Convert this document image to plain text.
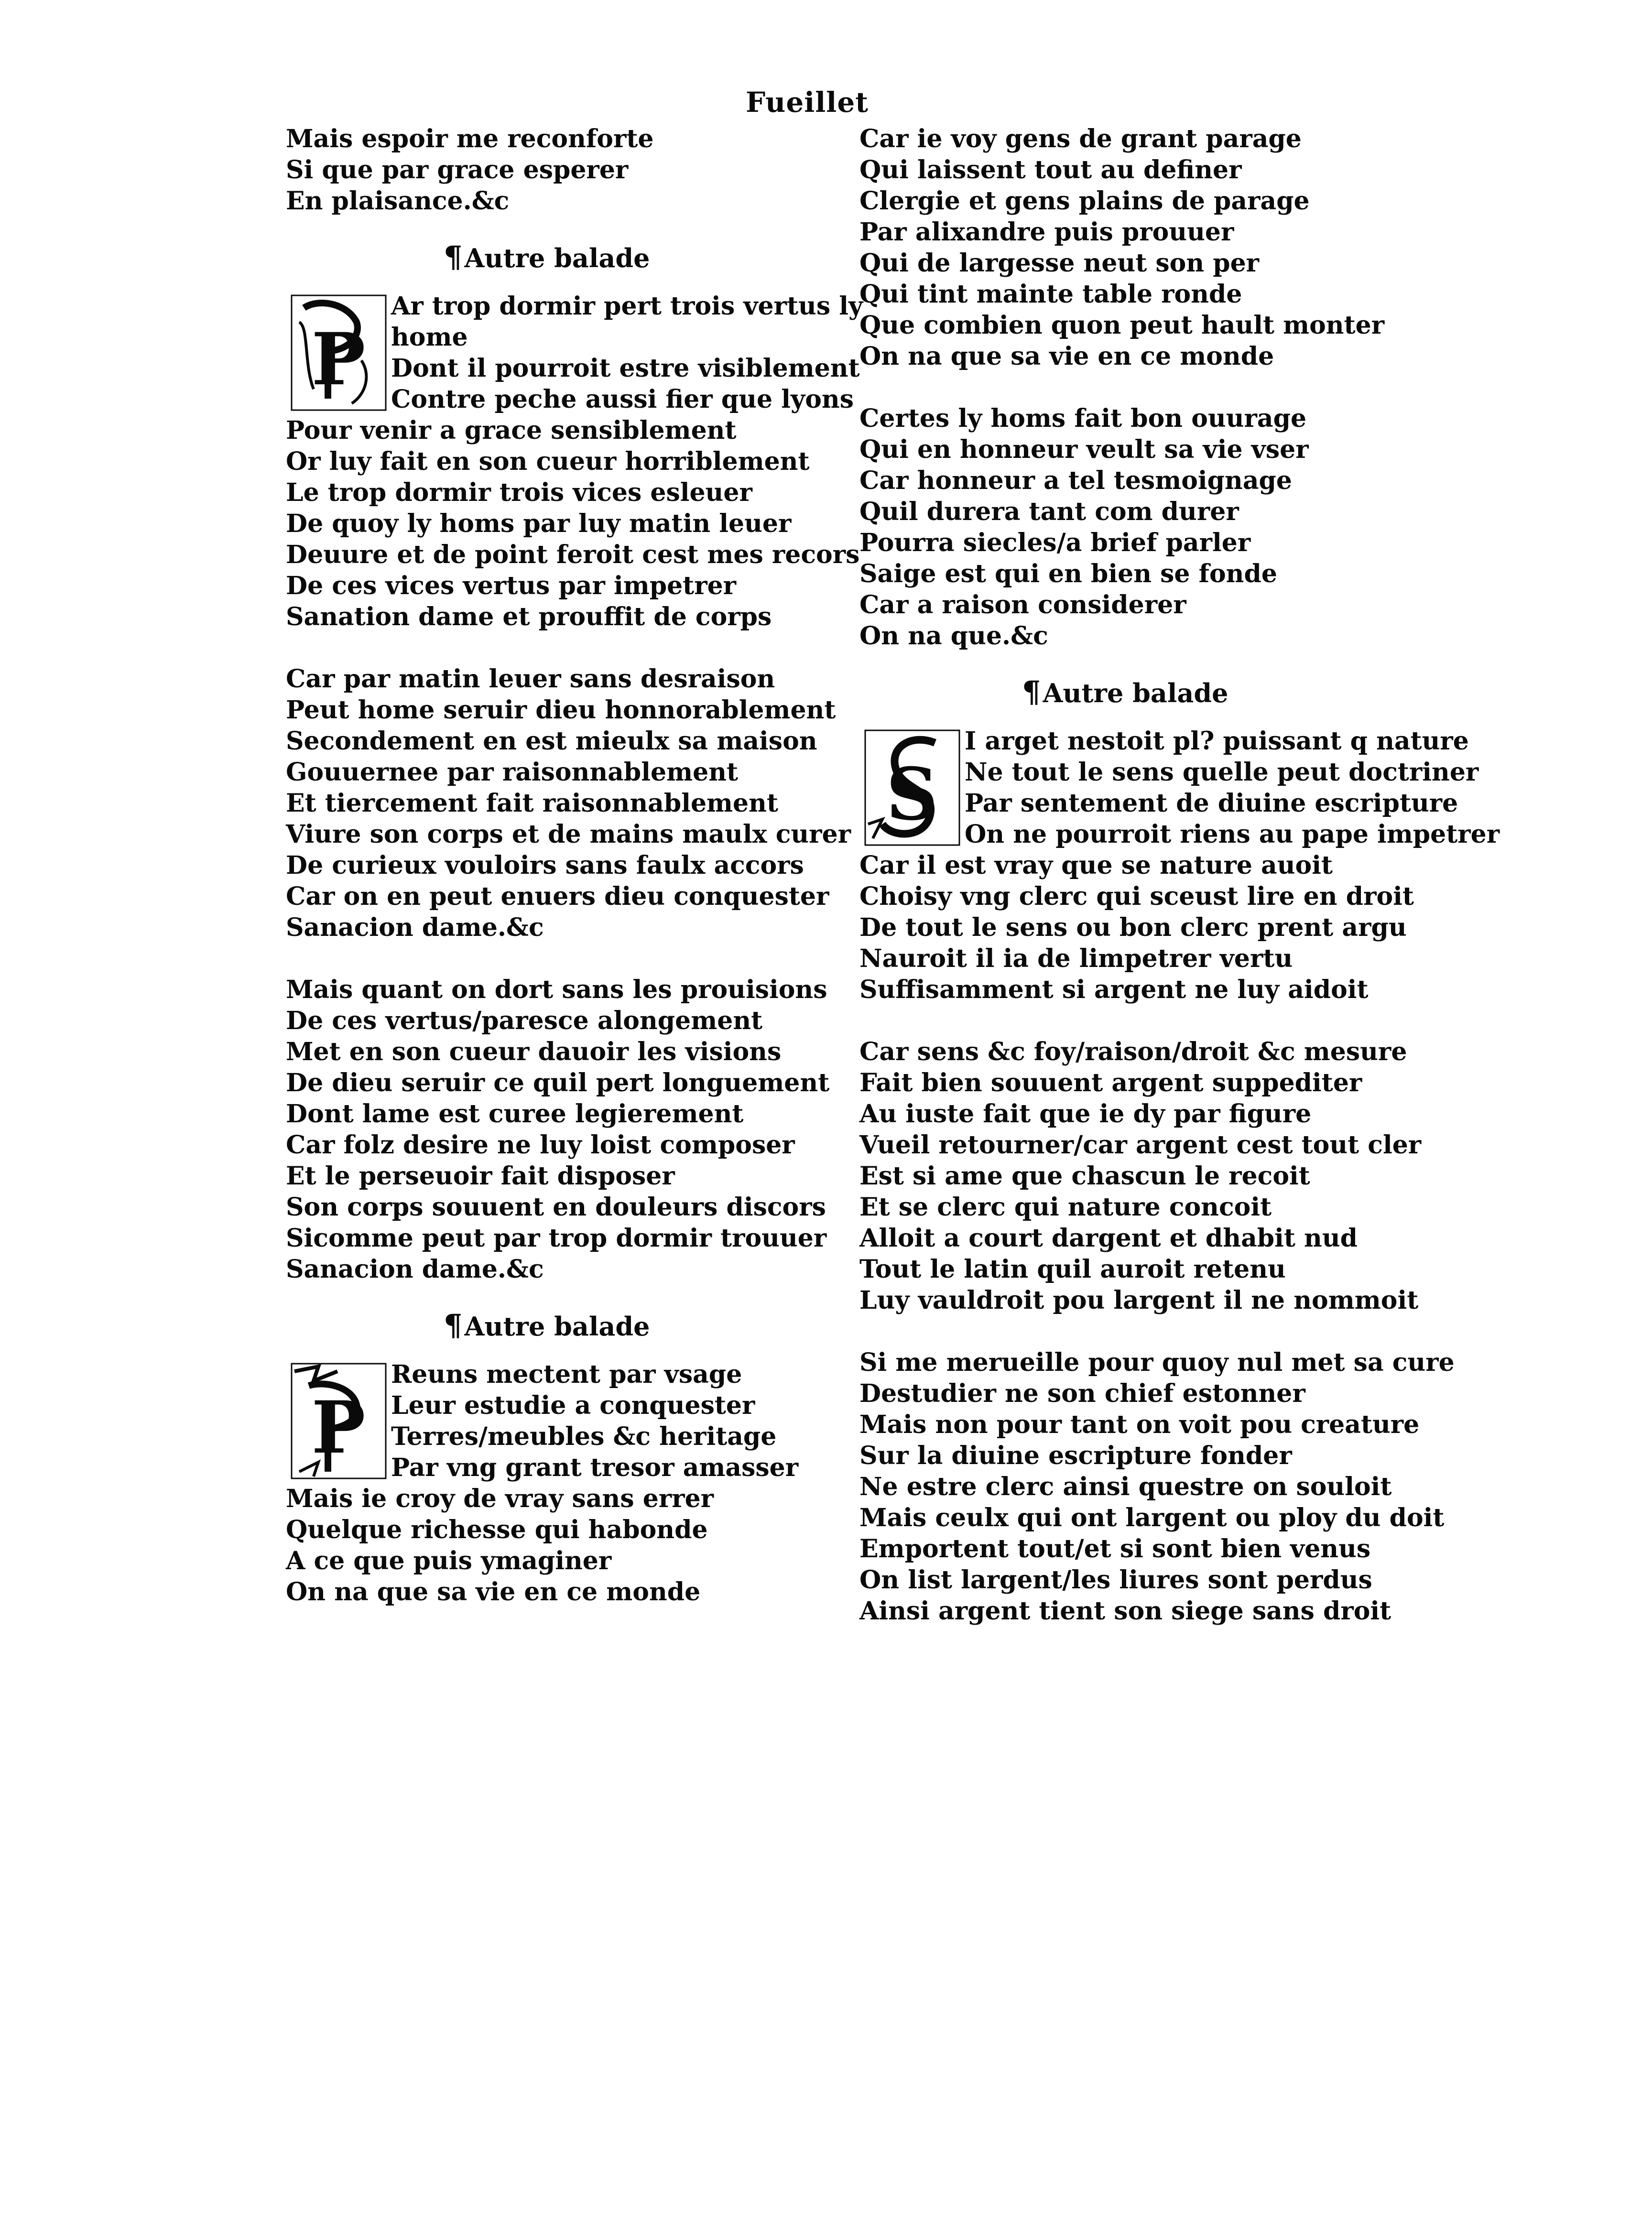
Fueillet
Mais espoir me reconforte
Si que par grace esperer
En plaisance.&c
¶Autre balade
P
Ar trop dormir pert trois vertus ly
home
Dont il pourroit estre visiblement
Contre peche aussi fier que lyons
Pour venir a grace sensiblement
Or luy fait en son cueur horriblement
Le trop dormir trois vices esleuer
De quoy ly homs par luy matin leuer
Deuure et de point feroit cest mes recors
De ces vices vertus par impetrer
Sanation dame et prouffit de corps
Car par matin leuer sans desraison
Peut home seruir dieu honnorablement
Secondement en est mieulx sa maison
Gouuernee par raisonnablement
Et tiercement fait raisonnablement
Viure son corps et de mains maulx curer
De curieux vouloirs sans faulx accors
Car on en peut enuers dieu conquester
Sanacion dame.&c
Mais quant on dort sans les prouisions
De ces vertus/paresce alongement
Met en son cueur dauoir les visions
De dieu seruir ce quil pert longuement
Dont lame est curee legierement
Car folz desire ne luy loist composer
Et le perseuoir fait disposer
Son corps souuent en douleurs discors
Sicomme peut par trop dormir trouuer
Sanacion dame.&c
¶Autre balade
P
Reuns mectent par vsage
Leur estudie a conquester
Terres/meubles &c heritage
Par vng grant tresor amasser
Mais ie croy de vray sans errer
Quelque richesse qui habonde
A ce que puis ymaginer
On na que sa vie en ce monde
Car ie voy gens de grant parage
Qui laissent tout au definer
Clergie et gens plains de parage
Par alixandre puis prouuer
Qui de largesse neut son per
Qui tint mainte table ronde
Que combien quon peut hault monter
On na que sa vie en ce monde
Certes ly homs fait bon ouurage
Qui en honneur veult sa vie vser
Car honneur a tel tesmoignage
Quil durera tant com durer
Pourra siecles/a brief parler
Saige est qui en bien se fonde
Car a raison considerer
On na que.&c
¶Autre balade
S
I arget nestoit pl? puissant q nature
Ne tout le sens quelle peut doctriner
Par sentement de diuine escripture
On ne pourroit riens au pape impetrer
Car il est vray que se nature auoit
Choisy vng clerc qui sceust lire en droit
De tout le sens ou bon clerc prent argu
Nauroit il ia de limpetrer vertu
Suffisamment si argent ne luy aidoit
Car sens &c foy/raison/droit &c mesure
Fait bien souuent argent suppediter
Au iuste fait que ie dy par figure
Vueil retourner/car argent cest tout cler
Est si ame que chascun le recoit
Et se clerc qui nature concoit
Alloit a court dargent et dhabit nud
Tout le latin quil auroit retenu
Luy vauldroit pou largent il ne nommoit
Si me merueille pour quoy nul met sa cure
Destudier ne son chief estonner
Mais non pour tant on voit pou creature
Sur la diuine escripture fonder
Ne estre clerc ainsi questre on souloit
Mais ceulx qui ont largent ou ploy du doit
Emportent tout/et si sont bien venus
On list largent/les liures sont perdus
Ainsi argent tient son siege sans droit
